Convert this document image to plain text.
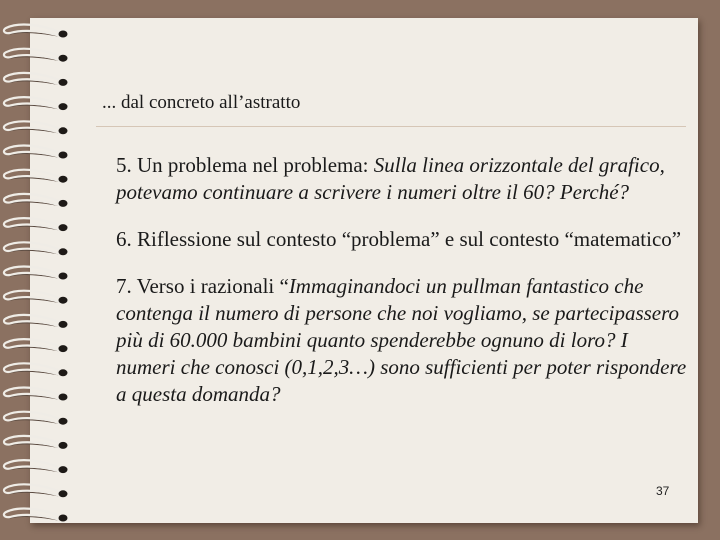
... dal concreto all’astratto

5. Un problema nel problema: Sulla linea orizzontale del grafico, potevamo continuare a scrivere i numeri oltre il 60? Perché?

6. Riflessione sul contesto “problema” e sul contesto “matematico”

7. Verso i razionali “Immaginandoci un pullman fantastico che contenga il numero di persone che noi vogliamo, se partecipassero più di 60.000 bambini quanto spenderebbe ognuno di loro? I numeri che conosci (0,1,2,3…) sono sufficienti per poter rispondere a questa domanda?

37
